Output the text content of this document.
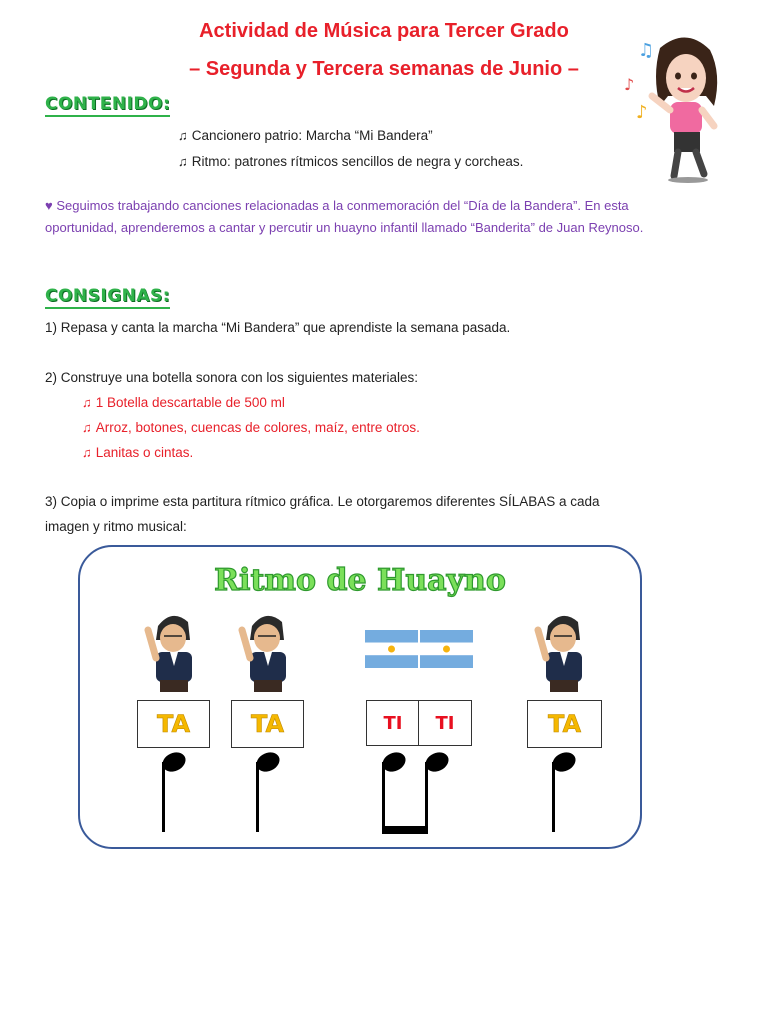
Actividad de Música para Tercer Grado
– Segunda y Tercera semanas de Junio –
♫
♪
♪
CONTENIDO:
♫ Cancionero patrio: Marcha “Mi Bandera”
♫ Ritmo: patrones rítmicos sencillos de negra y corcheas.
♥ Seguimos trabajando canciones relacionadas a la conmemoración del “Día de la Bandera”. En esta
oportunidad, aprenderemos a cantar y percutir un huayno infantil llamado “Banderita” de Juan Reynoso.
CONSIGNAS:
1) Repasa y canta la marcha “Mi Bandera” que aprendiste la semana pasada.
2) Construye una botella sonora con los siguientes materiales:
♫ 1 Botella descartable de 500 ml
♫ Arroz, botones, cuencas de colores, maíz, entre otros.
♫ Lanitas o cintas.
3) Copia o imprime esta partitura rítmico gráfica. Le otorgaremos diferentes SÍLABAS a cada
imagen y ritmo musical:
Ritmo de Huayno
TA	TA	TI	TI	TA
